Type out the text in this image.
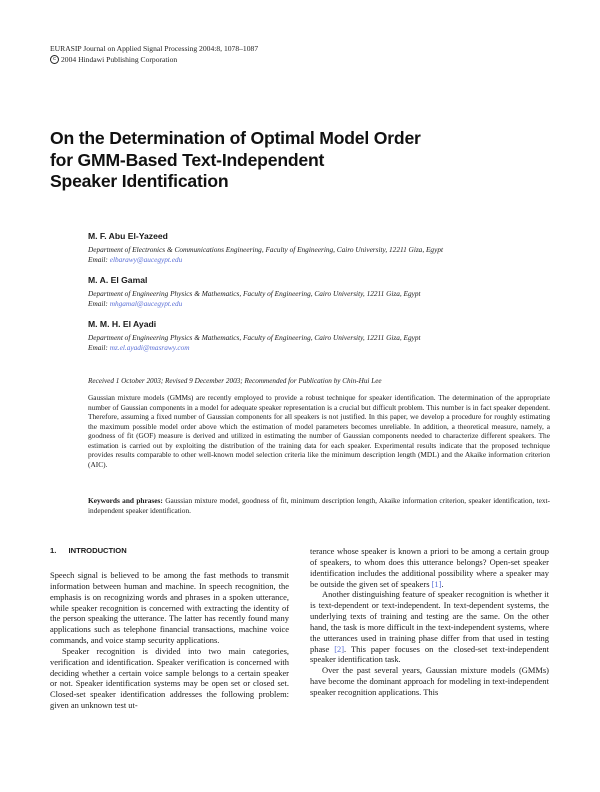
EURASIP Journal on Applied Signal Processing 2004:8, 1078–1087
c 2004 Hindawi Publishing Corporation
On the Determination of Optimal Model Order
for GMM-Based Text-Independent
Speaker Identification
M. F. Abu El-Yazeed
Department of Electronics & Communications Engineering, Faculty of Engineering, Cairo University, 12211 Giza, Egypt
Email: elbarawy@aucegypt.edu
M. A. El Gamal
Department of Engineering Physics & Mathematics, Faculty of Engineering, Cairo University, 12211 Giza, Egypt
Email: mhgamal@aucegypt.edu
M. M. H. El Ayadi
Department of Engineering Physics & Mathematics, Faculty of Engineering, Cairo University, 12211 Giza, Egypt
Email: mz.el.ayadi@masrawy.com
Received 1 October 2003; Revised 9 December 2003; Recommended for Publication by Chin-Hui Lee
Gaussian mixture models (GMMs) are recently employed to provide a robust technique for speaker identification. The determination of the appropriate number of Gaussian components in a model for adequate speaker representation is a crucial but difficult problem. This number is in fact speaker dependent. Therefore, assuming a fixed number of Gaussian components for all speakers is not justified. In this paper, we develop a procedure for roughly estimating the maximum possible model order above which the estimation of model parameters becomes unreliable. In addition, a theoretical measure, namely, a goodness of fit (GOF) measure is derived and utilized in estimating the number of Gaussian components needed to characterize different speakers. The estimation is carried out by exploiting the distribution of the training data for each speaker. Experimental results indicate that the proposed technique provides results comparable to other well-known model selection criteria like the minimum description length (MDL) and the Akaike information criterion (AIC).
Keywords and phrases: Gaussian mixture model, goodness of fit, minimum description length, Akaike information criterion, speaker identification, text-independent speaker identification.
1. INTRODUCTION

Speech signal is believed to be among the fast methods to transmit information between human and machine. In speech recognition, the emphasis is on recognizing words and phrases in a spoken utterance, while speaker recognition is concerned with extracting the identity of the person speaking the utterance. The latter has recently found many applications such as telephone financial transactions, machine voice commands, and voice stamp security applications.

Speaker recognition is divided into two main categories, verification and identification. Speaker verification is concerned with deciding whether a certain voice sample belongs to a certain speaker or not. Speaker identification systems may be open set or closed set. Closed-set speaker identification addresses the following problem: given an unknown test ut-

terance whose speaker is known a priori to be among a certain group of speakers, to whom does this utterance belongs? Open-set speaker identification includes the additional possibility where a speaker may be outside the given set of speakers [1].

Another distinguishing feature of speaker recognition is whether it is text-dependent or text-independent. In text-dependent systems, the underlying texts of training and testing are the same. On the other hand, the task is more difficult in the text-independent systems, where the utterances used in training phase differ from that used in testing phase [2]. This paper focuses on the closed-set text-independent speaker identification task.

Over the past several years, Gaussian mixture models (GMMs) have become the dominant approach for modeling in text-independent speaker recognition applications. This
